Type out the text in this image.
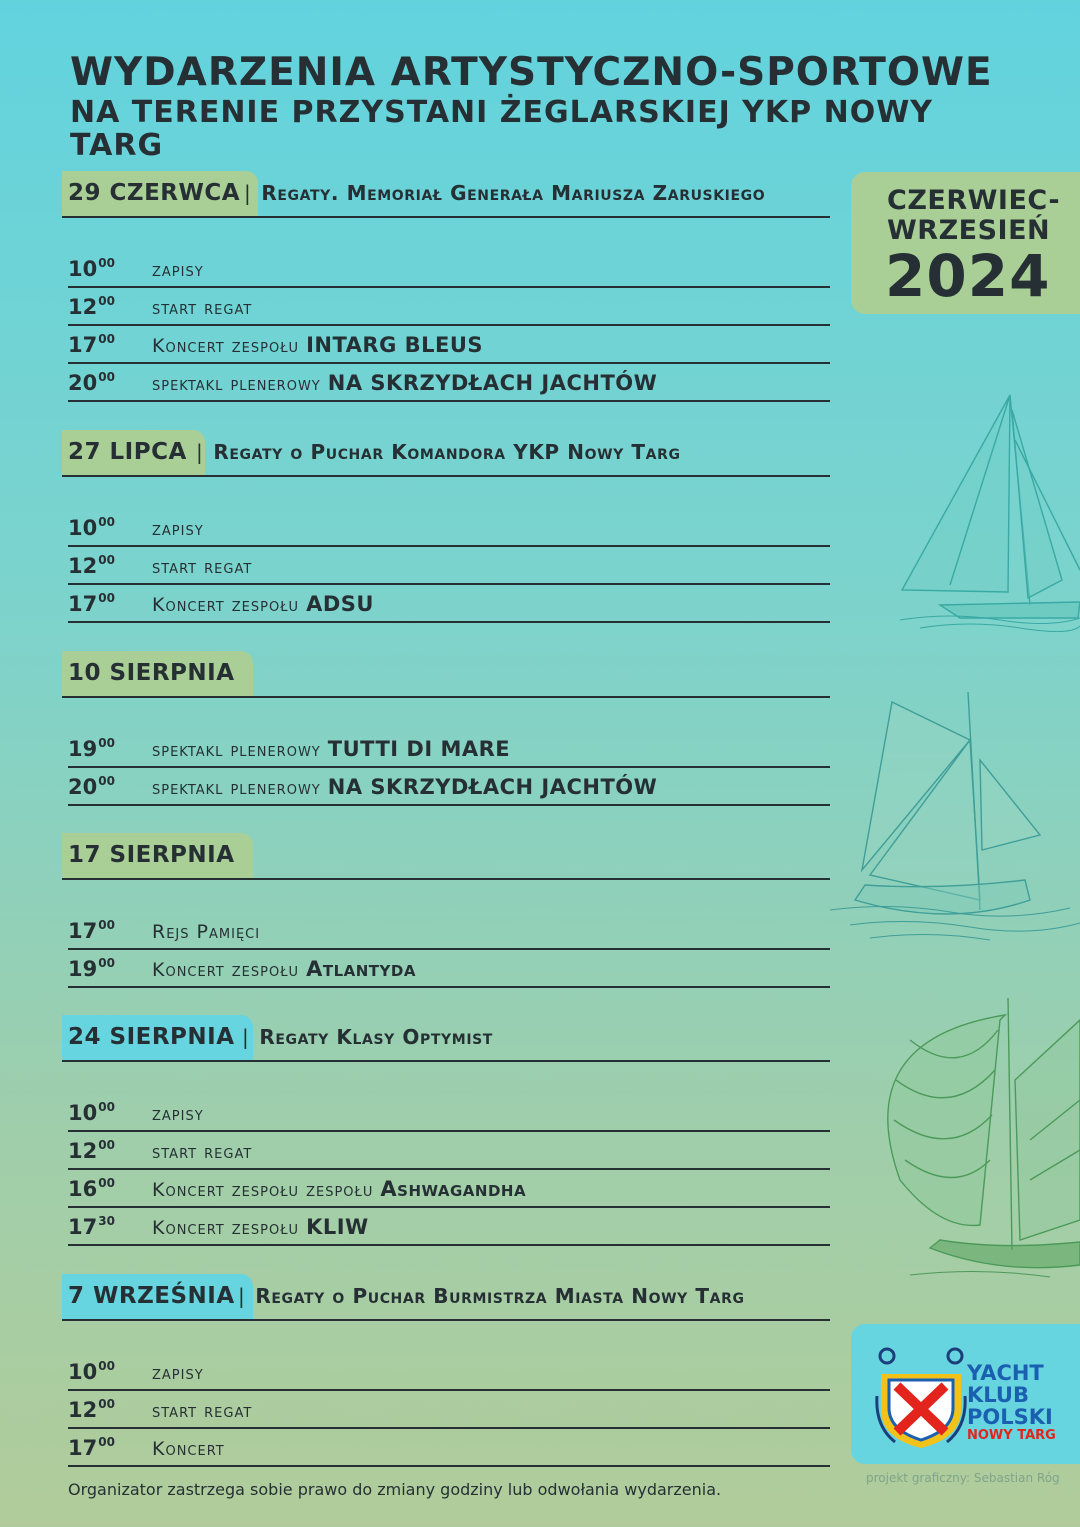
WYDARZENIA ARTYSTYCZNO-SPORTOWE
NA TERENIE PRZYSTANI ŻEGLARSKIEJ YKP NOWY TARG
CZERWIEC-
WRZESIEŃ
2024
29 CZERWCA | Regaty. Memoriał Generała Mariusza Zaruskiego
$10^{00}$ zapisy
$12^{00}$ start regat
$17^{00}$ Koncert zespołu INTARG BLEUS
$20^{00}$ spektakl plenerowy NA SKRZYDŁACH JACHTÓW
27 LIPCA | Regaty o Puchar Komandora YKP Nowy Targ
$10^{00}$ zapisy
$12^{00}$ start regat
$17^{00}$ Koncert zespołu ADSU
10 SIERPNIA
$19^{00}$ spektakl plenerowy TUTTI DI MARE
$20^{00}$ spektakl plenerowy NA SKRZYDŁACH JACHTÓW
17 SIERPNIA
$17^{00}$ Rejs Pamięci
$19^{00}$ Koncert zespołu Atlantyda
24 SIERPNIA | Regaty Klasy Optymist
$10^{00}$ zapisy
$12^{00}$ start regat
$16^{00}$ Koncert zespołu zespołu Ashwagandha
$17^{30}$ Koncert zespołu KLIW
7 WRZEŚNIA | Regaty o Puchar Burmistrza Miasta Nowy Targ
$10^{00}$ zapisy
$12^{00}$ start regat
$17^{00}$ Koncert
YACHT
KLUB
POLSKI
NOWY TARG
projekt graficzny: Sebastian Róg
Organizator zastrzega sobie prawo do zmiany godziny lub odwołania wydarzenia.
